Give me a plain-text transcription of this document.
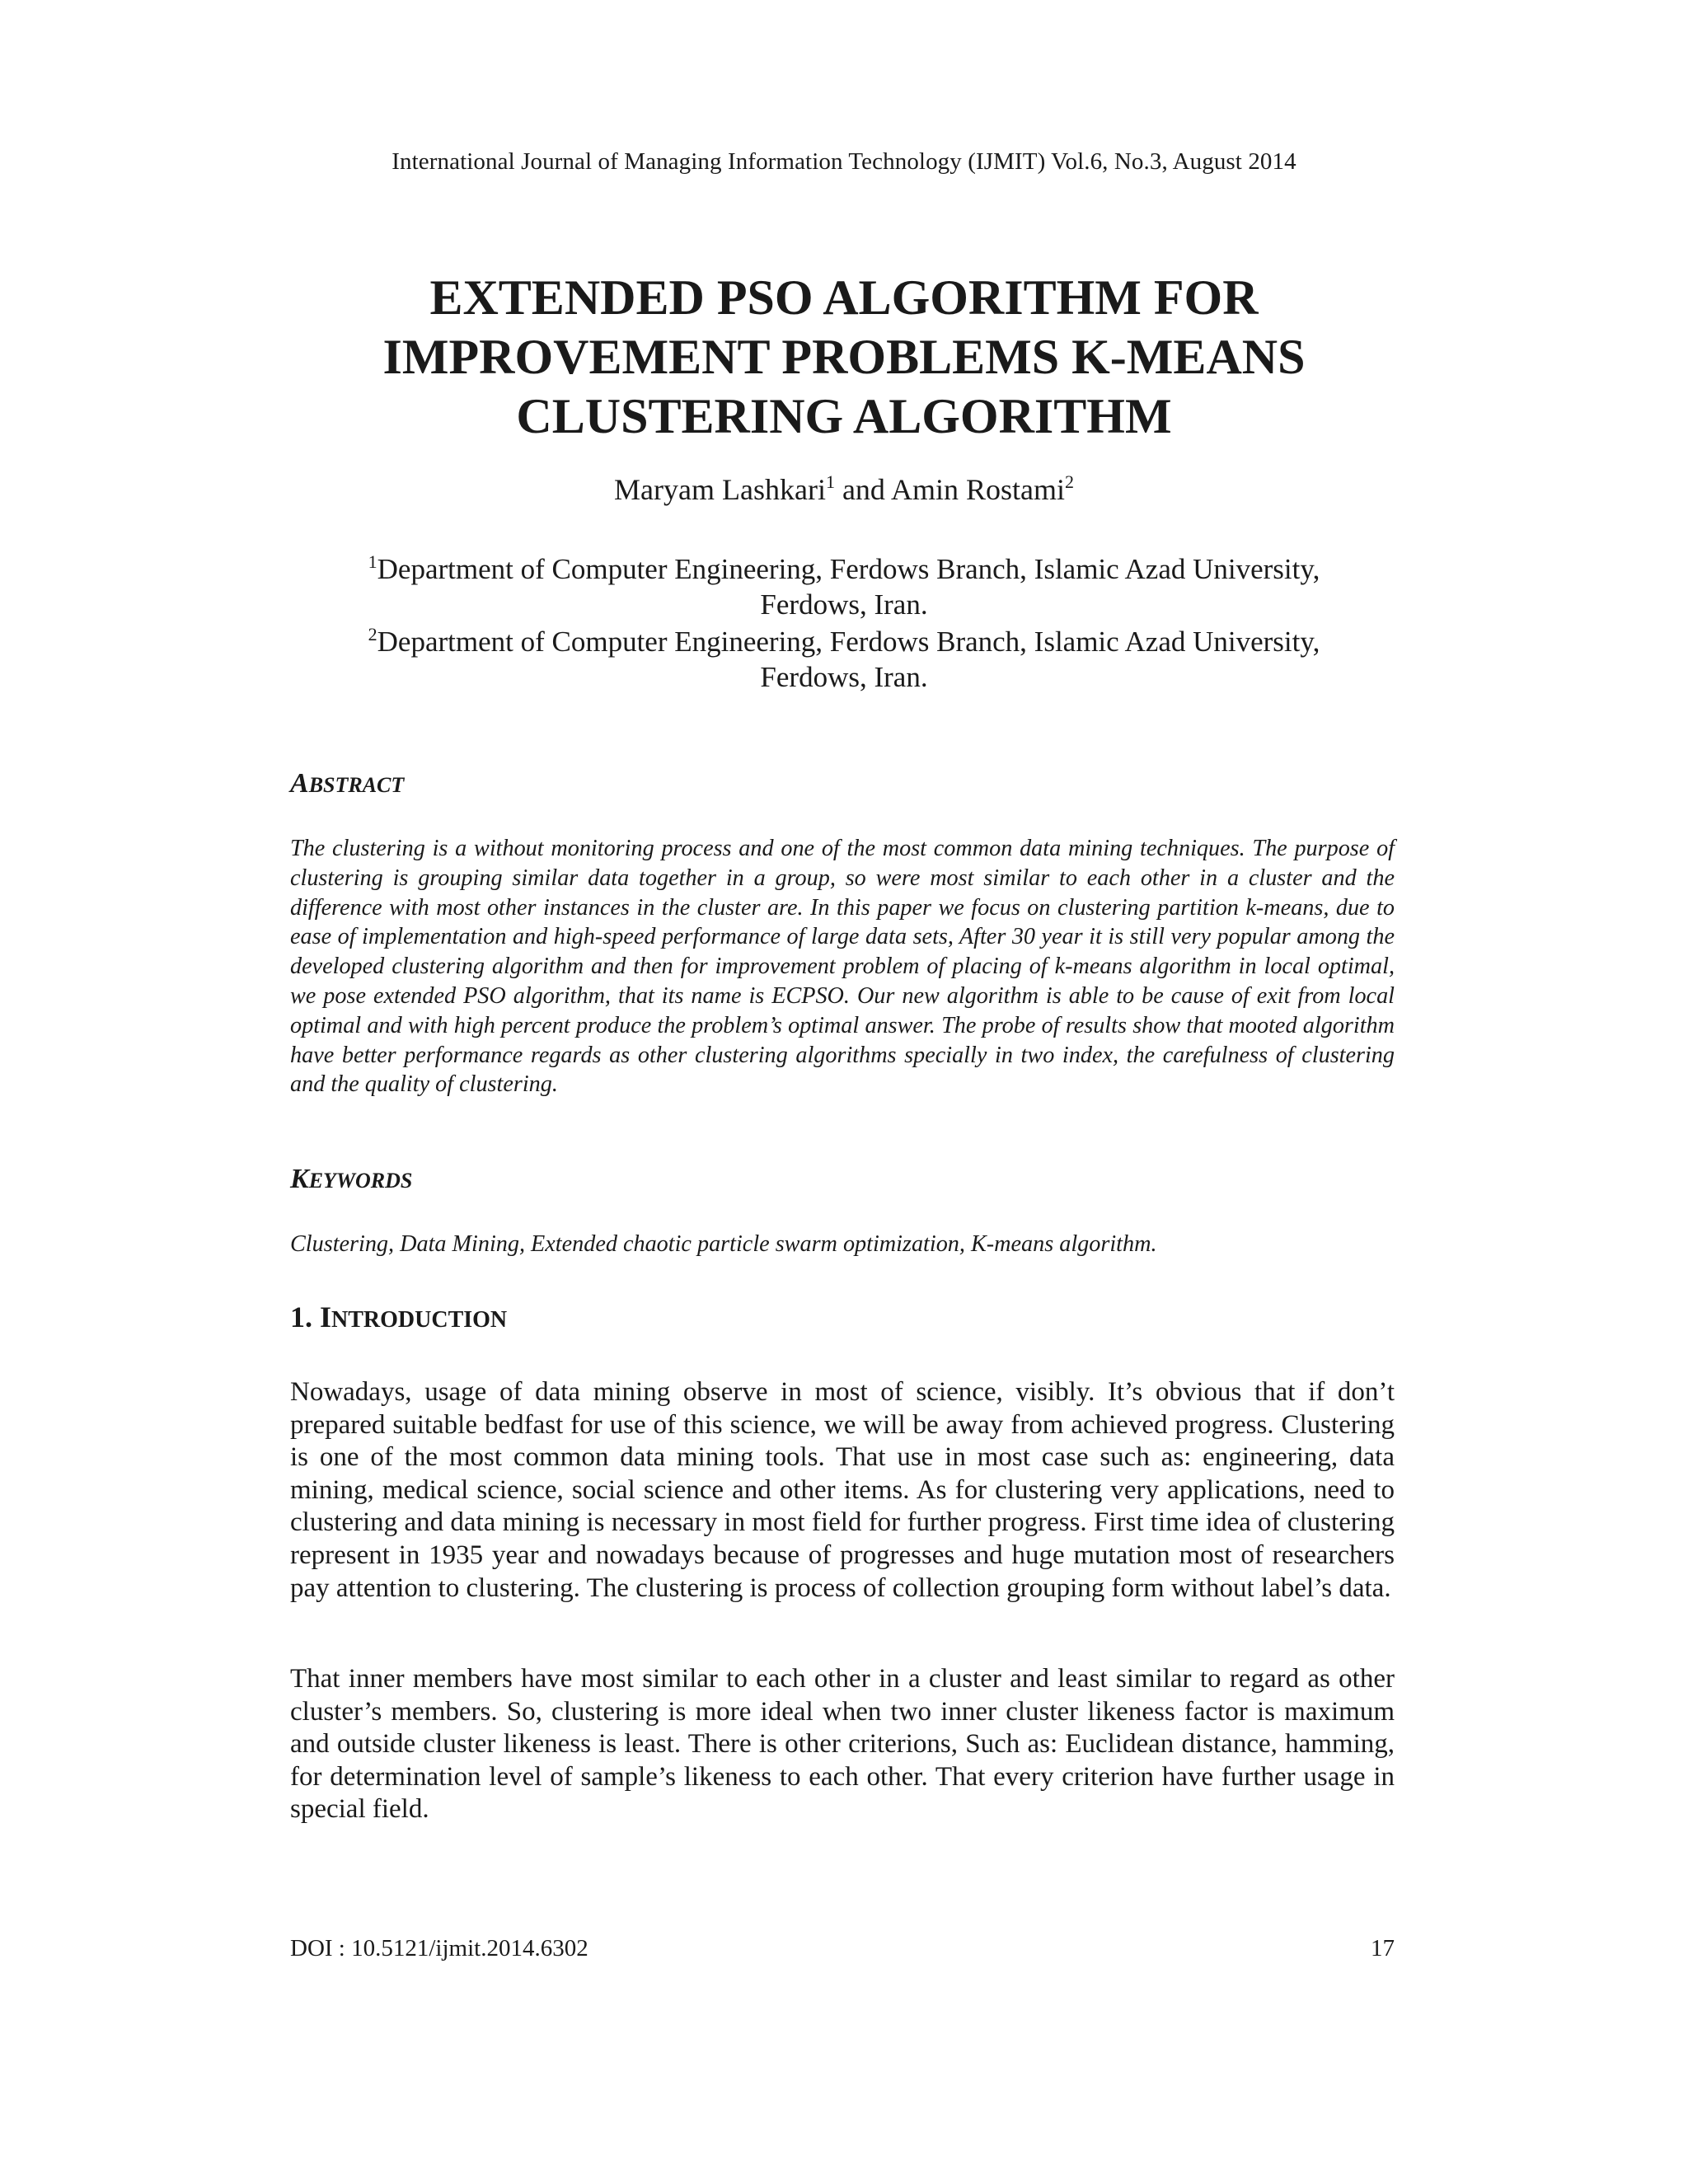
International Journal of Managing Information Technology (IJMIT) Vol.6, No.3, August 2014
EXTENDED PSO ALGORITHM FOR
IMPROVEMENT PROBLEMS K-MEANS
CLUSTERING ALGORITHM
Maryam Lashkari$^1$ and Amin Rostami$^2$
$^1$Department of Computer Engineering, Ferdows Branch, Islamic Azad University,
Ferdows, Iran.
$^2$Department of Computer Engineering, Ferdows Branch, Islamic Azad University,
Ferdows, Iran.
ABSTRACT

The clustering is a without monitoring process and one of the most common data mining techniques. The purpose of clustering is grouping similar data together in a group, so were most similar to each other in a cluster and the difference with most other instances in the cluster are. In this paper we focus on clustering partition k-means, due to ease of implementation and high-speed performance of large data sets, After 30 year it is still very popular among the developed clustering algorithm and then for improvement problem of placing of k-means algorithm in local optimal, we pose extended PSO algorithm, that its name is ECPSO. Our new algorithm is able to be cause of exit from local optimal and with high percent produce the problem’s optimal answer. The probe of results show that mooted algorithm have better performance regards as other clustering algorithms specially in two index, the carefulness of clustering and the quality of clustering.

KEYWORDS

Clustering, Data Mining, Extended chaotic particle swarm optimization, K-means algorithm.

1. INTRODUCTION

Nowadays, usage of data mining observe in most of science, visibly. It’s obvious that if don’t prepared suitable bedfast for use of this science, we will be away from achieved progress. Clustering is one of the most common data mining tools. That use in most case such as: engineering, data mining, medical science, social science and other items. As for clustering very applications, need to clustering and data mining is necessary in most field for further progress. First time idea of clustering represent in 1935 year and nowadays because of progresses and huge mutation most of researchers pay attention to clustering. The clustering is process of collection grouping form without label’s data.

That inner members have most similar to each other in a cluster and least similar to regard as other cluster’s members. So, clustering is more ideal when two inner cluster likeness factor is maximum and outside cluster likeness is least. There is other criterions, Such as: Euclidean distance, hamming, for determination level of sample’s likeness to each other. That every criterion have further usage in special field.

DOI : 10.5121/ijmit.2014.6302	17
